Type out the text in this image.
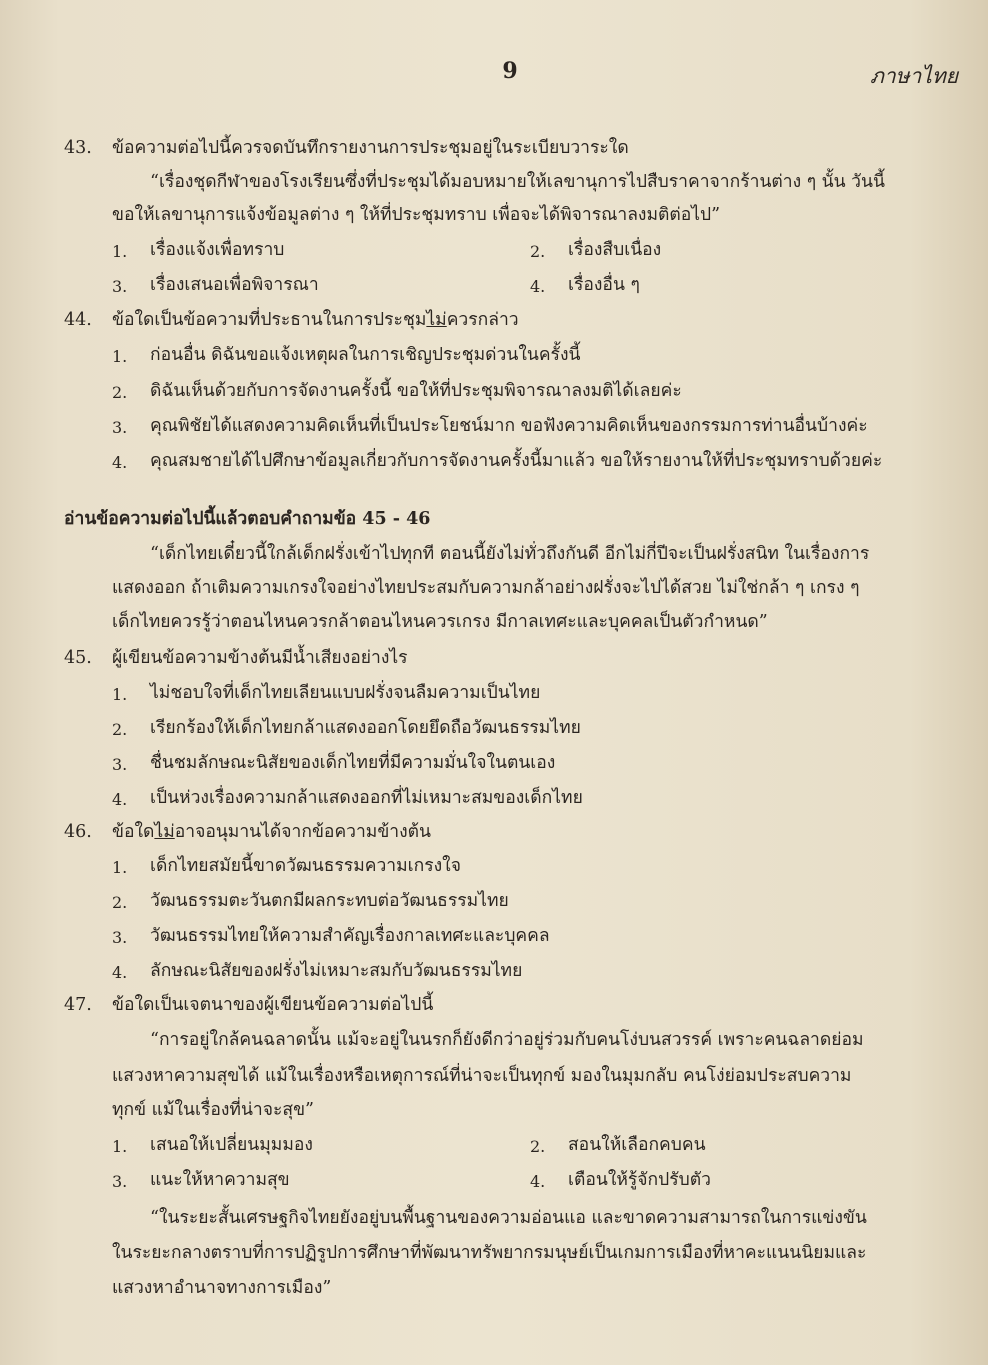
9	ภาษาไทย
43. ข้อความต่อไปนี้ควรจดบันทึกรายงานการประชุมอยู่ในระเบียบวาระใด
“เรื่องชุดกีฬาของโรงเรียนซึ่งที่ประชุมได้มอบหมายให้เลขานุการไปสืบราคาจากร้านต่าง ๆ นั้น วันนี้
ขอให้เลขานุการแจ้งข้อมูลต่าง ๆ ให้ที่ประชุมทราบ เพื่อจะได้พิจารณาลงมติต่อไป”
1. เรื่องแจ้งเพื่อทราบ	2. เรื่องสืบเนื่อง
3. เรื่องเสนอเพื่อพิจารณา	4. เรื่องอื่น ๆ
44. ข้อใดเป็นข้อความที่ประธานในการประชุมไม่ควรกล่าว
1. ก่อนอื่น ดิฉันขอแจ้งเหตุผลในการเชิญประชุมด่วนในครั้งนี้
2. ดิฉันเห็นด้วยกับการจัดงานครั้งนี้ ขอให้ที่ประชุมพิจารณาลงมติได้เลยค่ะ
3. คุณพิชัยได้แสดงความคิดเห็นที่เป็นประโยชน์มาก ขอฟังความคิดเห็นของกรรมการท่านอื่นบ้างค่ะ
4. คุณสมชายได้ไปศึกษาข้อมูลเกี่ยวกับการจัดงานครั้งนี้มาแล้ว ขอให้รายงานให้ที่ประชุมทราบด้วยค่ะ
อ่านข้อความต่อไปนี้แล้วตอบคำถามข้อ 45 - 46
“เด็กไทยเดี๋ยวนี้ใกล้เด็กฝรั่งเข้าไปทุกที ตอนนี้ยังไม่ทั่วถึงกันดี อีกไม่กี่ปีจะเป็นฝรั่งสนิท ในเรื่องการ
แสดงออก ถ้าเติมความเกรงใจอย่างไทยประสมกับความกล้าอย่างฝรั่งจะไปได้สวย ไม่ใช่กล้า ๆ เกรง ๆ
เด็กไทยควรรู้ว่าตอนไหนควรกล้าตอนไหนควรเกรง มีกาลเทศะและบุคคลเป็นตัวกำหนด”
45. ผู้เขียนข้อความข้างต้นมีน้ำเสียงอย่างไร
1. ไม่ชอบใจที่เด็กไทยเลียนแบบฝรั่งจนลืมความเป็นไทย
2. เรียกร้องให้เด็กไทยกล้าแสดงออกโดยยึดถือวัฒนธรรมไทย
3. ชื่นชมลักษณะนิสัยของเด็กไทยที่มีความมั่นใจในตนเอง
4. เป็นห่วงเรื่องความกล้าแสดงออกที่ไม่เหมาะสมของเด็กไทย
46. ข้อใดไม่อาจอนุมานได้จากข้อความข้างต้น
1. เด็กไทยสมัยนี้ขาดวัฒนธรรมความเกรงใจ
2. วัฒนธรรมตะวันตกมีผลกระทบต่อวัฒนธรรมไทย
3. วัฒนธรรมไทยให้ความสำคัญเรื่องกาลเทศะและบุคคล
4. ลักษณะนิสัยของฝรั่งไม่เหมาะสมกับวัฒนธรรมไทย
47. ข้อใดเป็นเจตนาของผู้เขียนข้อความต่อไปนี้
“การอยู่ใกล้คนฉลาดนั้น แม้จะอยู่ในนรกก็ยังดีกว่าอยู่ร่วมกับคนโง่บนสวรรค์ เพราะคนฉลาดย่อม
แสวงหาความสุขได้ แม้ในเรื่องหรือเหตุการณ์ที่น่าจะเป็นทุกข์ มองในมุมกลับ คนโง่ย่อมประสบความ
ทุกข์ แม้ในเรื่องที่น่าจะสุข”
1. เสนอให้เปลี่ยนมุมมอง	2. สอนให้เลือกคบคน
3. แนะให้หาความสุข	4. เตือนให้รู้จักปรับตัว
“ในระยะสั้นเศรษฐกิจไทยยังอยู่บนพื้นฐานของความอ่อนแอ และขาดความสามารถในการแข่งขัน
ในระยะกลางตราบที่การปฏิรูปการศึกษาที่พัฒนาทรัพยากรมนุษย์เป็นเกมการเมืองที่หาคะแนนนิยมและ
แสวงหาอำนาจทางการเมือง”
